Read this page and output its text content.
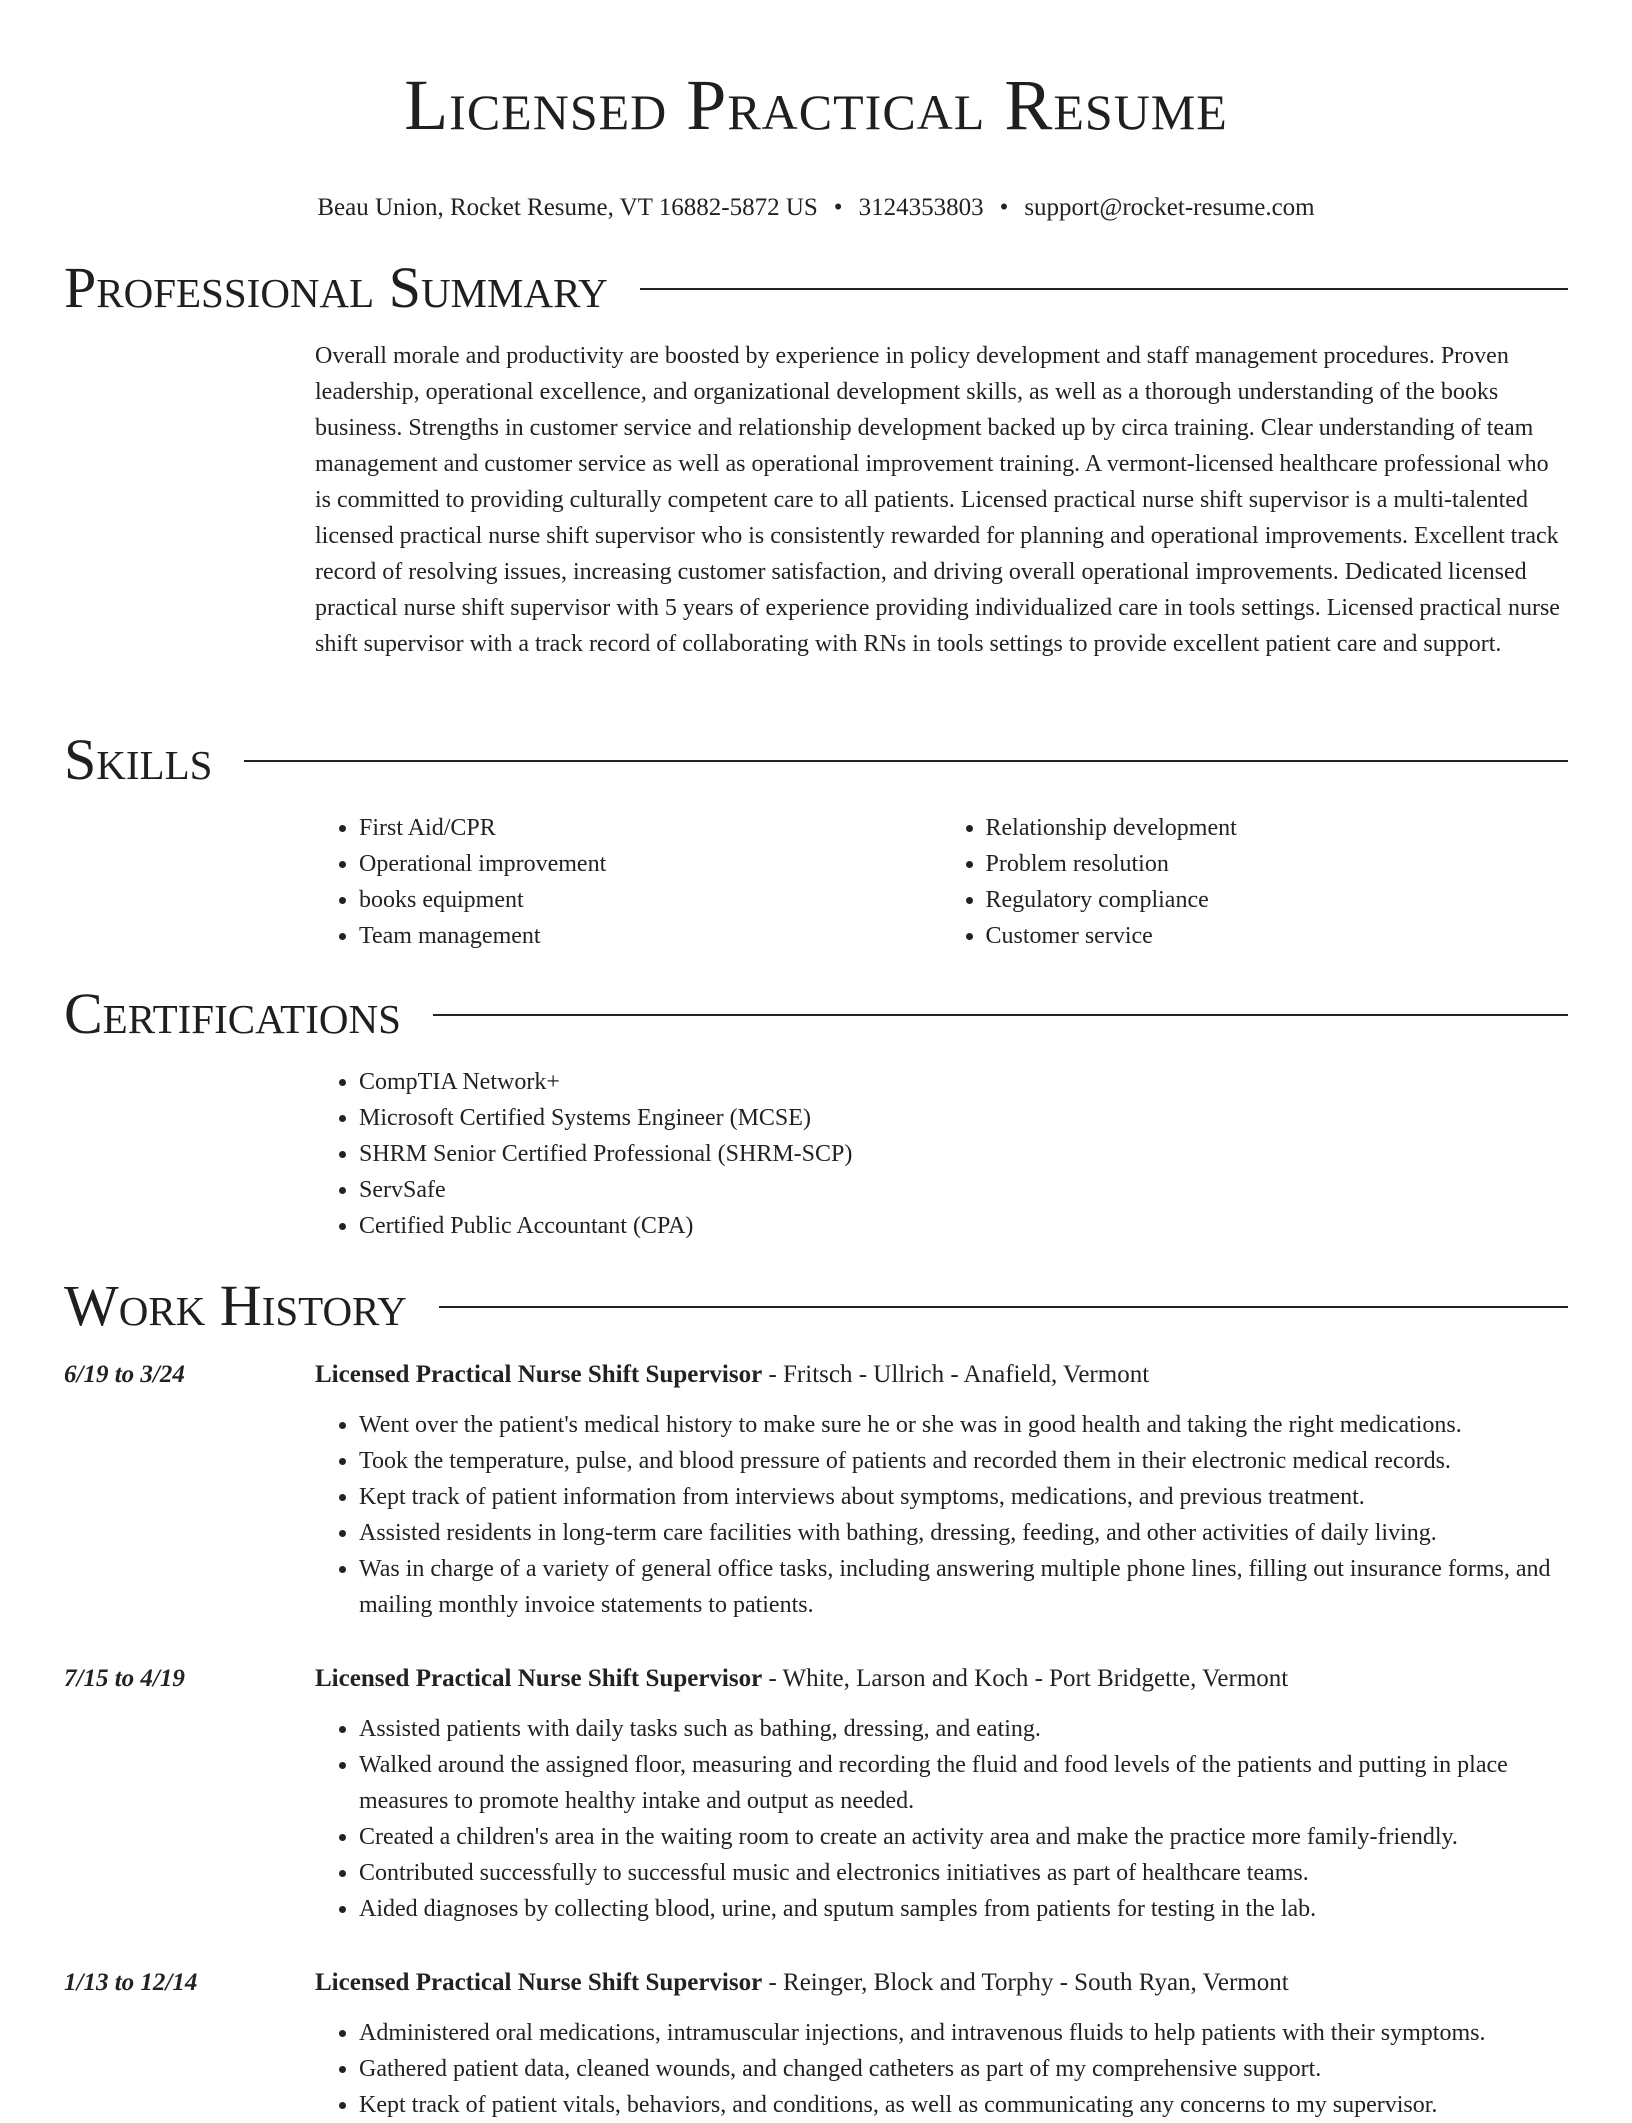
Licensed Practical Resume
Beau Union, Rocket Resume, VT 16882-5872 US • 3124353803 • support@rocket-resume.com
Professional Summary

Overall morale and productivity are boosted by experience in policy development and staff management procedures. Proven leadership, operational excellence, and organizational development skills, as well as a thorough understanding of the books business. Strengths in customer service and relationship development backed up by circa training. Clear understanding of team management and customer service as well as operational improvement training. A vermont-licensed healthcare professional who is committed to providing culturally competent care to all patients. Licensed practical nurse shift supervisor is a multi-talented licensed practical nurse shift supervisor who is consistently rewarded for planning and operational improvements. Excellent track record of resolving issues, increasing customer satisfaction, and driving overall operational improvements. Dedicated licensed practical nurse shift supervisor with 5 years of experience providing individualized care in tools settings. Licensed practical nurse shift supervisor with a track record of collaborating with RNs in tools settings to provide excellent patient care and support.

Skills
• First Aid/CPR
• Operational improvement
• books equipment
• Team management
• Relationship development
• Problem resolution
• Regulatory compliance
• Customer service
Certifications
• CompTIA Network+
• Microsoft Certified Systems Engineer (MCSE)
• SHRM Senior Certified Professional (SHRM-SCP)
• ServSafe
• Certified Public Accountant (CPA)
Work History
6/19 to 3/24	Licensed Practical Nurse Shift Supervisor - Fritsch - Ullrich - Anafield, Vermont
• Went over the patient's medical history to make sure he or she was in good health and taking the right medications.
• Took the temperature, pulse, and blood pressure of patients and recorded them in their electronic medical records.
• Kept track of patient information from interviews about symptoms, medications, and previous treatment.
• Assisted residents in long-term care facilities with bathing, dressing, feeding, and other activities of daily living.
• Was in charge of a variety of general office tasks, including answering multiple phone lines, filling out insurance forms, and mailing monthly invoice statements to patients.
7/15 to 4/19	Licensed Practical Nurse Shift Supervisor - White, Larson and Koch - Port Bridgette, Vermont
• Assisted patients with daily tasks such as bathing, dressing, and eating.
• Walked around the assigned floor, measuring and recording the fluid and food levels of the patients and putting in place measures to promote healthy intake and output as needed.
• Created a children's area in the waiting room to create an activity area and make the practice more family-friendly.
• Contributed successfully to successful music and electronics initiatives as part of healthcare teams.
• Aided diagnoses by collecting blood, urine, and sputum samples from patients for testing in the lab.
1/13 to 12/14	Licensed Practical Nurse Shift Supervisor - Reinger, Block and Torphy - South Ryan, Vermont
• Administered oral medications, intramuscular injections, and intravenous fluids to help patients with their symptoms.
• Gathered patient data, cleaned wounds, and changed catheters as part of my comprehensive support.
• Kept track of patient vitals, behaviors, and conditions, as well as communicating any concerns to my supervisor.
